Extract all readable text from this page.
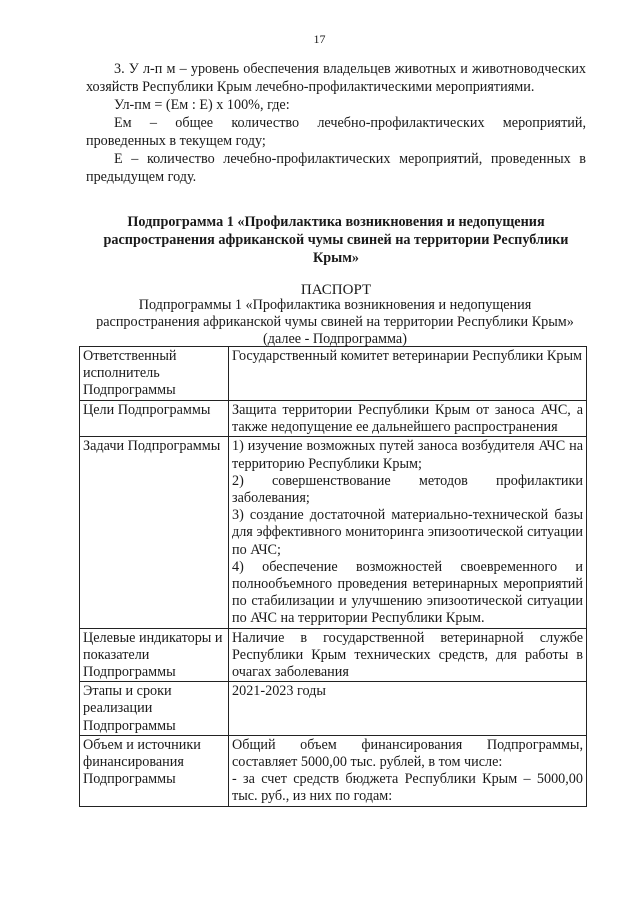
17

3. У л-п м – уровень обеспечения владельцев животных и животноводческих хозяйств Республики Крым лечебно-профилактическими мероприятиями.

Ул-пм = (Ем : Е) х 100%, где:

Ем – общее количество лечебно-профилактических мероприятий, проведенных в текущем году;

Е – количество лечебно-профилактических мероприятий, проведенных в предыдущем году.

Подпрограмма 1 «Профилактика возникновения и недопущения распространения африканской чумы свиней на территории Республики Крым»
ПАСПОРТ
Подпрограммы 1 «Профилактика возникновения и недопущения
распространения африканской чумы свиней на территории Республики Крым»
(далее - Подпрограмма)
Ответственный исполнитель Подпрограммы	Государственный комитет ветеринарии Республики Крым
Цели Подпрограммы	Защита территории Республики Крым от заноса АЧС, а также недопущение ее дальнейшего распространения
Задачи Подпрограммы	1) изучение возможных путей заноса возбудителя АЧС на территорию Республики Крым;
2) совершенствование методов профилактики заболевания;
3) создание достаточной материально-технической базы для эффективного мониторинга эпизоотической ситуации по АЧС;
4) обеспечение возможностей своевременного и полнообъемного проведения ветеринарных мероприятий по стабилизации и улучшению эпизоотической ситуации по АЧС на территории Республики Крым.

Целевые индикаторы и показатели Подпрограммы	Наличие в государственной ветеринарной службе Республики Крым технических средств, для работы в очагах заболевания
Этапы и сроки реализации Подпрограммы	2021-2023 годы
Объем и источники финансирования Подпрограммы	Общий объем финансирования Подпрограммы, составляет 5000,00 тыс. рублей, в том числе:
- за счет средств бюджета Республики Крым – 5000,00 тыс. руб., из них по годам:
